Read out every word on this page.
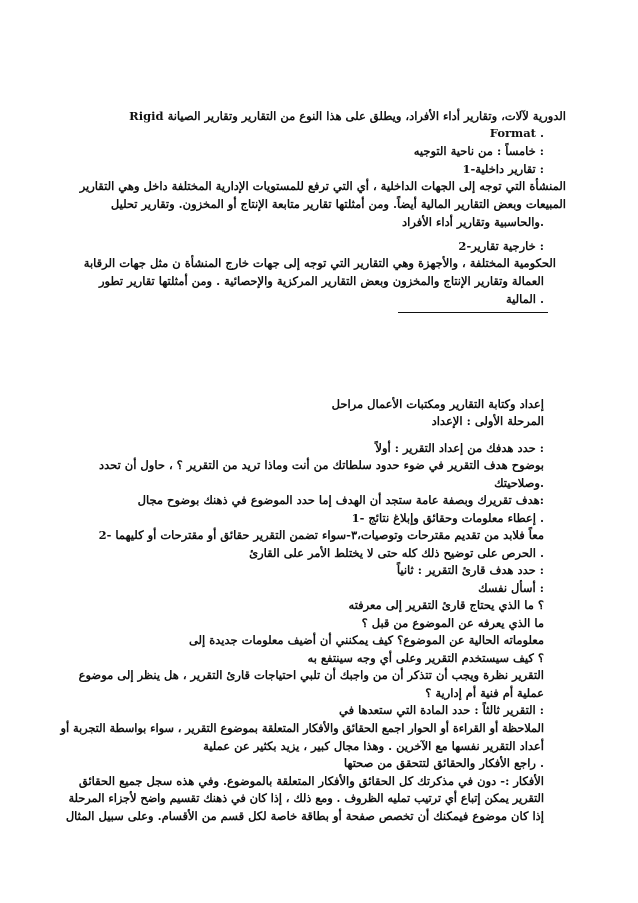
الدورية لآلات، وتقارير أداء الأفراد، ويطلق على هذا النوع من التقارير وتقارير الصيانة Rigid
Format .
: خامساً : من ناحية التوجيه
: تقارير داخلية-1
المنشأة التي توجه إلى الجهات الداخلية ، أي التي ترفع للمستويات الإدارية المختلفة داخل وهي التقارير
المبيعات وبعض التقارير المالية أيضاً. ومن أمثلتها تقارير متابعة الإنتاج أو المخزون. وتقارير تحليل
.والحاسبية وتقارير أداء الأفراد
: خارجية تقارير-2
الحكومية المختلفة ، والأجهزة وهي التقارير التي توجه إلى جهات خارج المنشأة ن مثل جهات الرقابة
العمالة وتقارير الإنتاج والمخزون وبعض التقارير المركزية والإحصائية . ومن أمثلتها تقارير تطور
. المالية
إعداد وكتابة التقارير ومكتبات الأعمال مراحل
المرحلة الأولى : الإعداد
: حدد هدفك من إعداد التقرير : أولاً
بوضوح هدف التقرير في ضوء حدود سلطاتك من أنت وماذا تريد من التقرير ؟ ، حاول أن تحدد
.وصلاحيتك
:هدف تقريرك وبصفة عامة ستجد أن الهدف إما حدد الموضوع في ذهنك بوضوح مجال
. إعطاء معلومات وحقائق وإبلاغ نتائج -1
معاً فلابد من تقديم مقترحات وتوصيات،٣-سواء تضمن التقرير حقائق أو مقترحات أو كليهما -2
. الحرص على توضيح ذلك كله حتى لا يختلط الأمر على القارئ
: حدد هدف قارئ التقرير : ثانياً
: أسأل نفسك
؟ ما الذي يحتاج قارئ التقرير إلى معرفته
ما الذي يعرفه عن الموضوع من قبل ؟
معلوماته الحالية عن الموضوع؟ كيف يمكنني أن أضيف معلومات جديدة إلى
؟ كيف سيستخدم التقرير وعلى أي وجه سينتفع به
التقرير نظرة ويجب أن تتذكر أن من واجبك أن تلبي احتياجات قارئ التقرير ، هل ينظر إلى موضوع
عملية أم فنية أم إدارية ؟
: التقرير ثالثاً : حدد المادة التي ستعدها في
الملاحظة أو القراءة أو الحوار اجمع الحقائق والأفكار المتعلقة بموضوع التقرير ، سواء بواسطة التجربة أو
أعداد التقرير نفسها مع الآخرين . وهذا مجال كبير ، يزيد بكثير عن عملية
. راجع الأفكار والحقائق لتتحقق من صحتها
الأفكار :- دون في مذكرتك كل الحقائق والأفكار المتعلقة بالموضوع. وفي هذه سجل جميع الحقائق
التقرير يمكن إتباع أي ترتيب تمليه الظروف . ومع ذلك ، إذا كان في ذهنك تقسيم واضح لأجزاء المرحلة
إذا كان موضوع فيمكنك أن تخصص صفحة أو بطاقة خاصة لكل قسم من الأقسام. وعلى سبيل المثال
